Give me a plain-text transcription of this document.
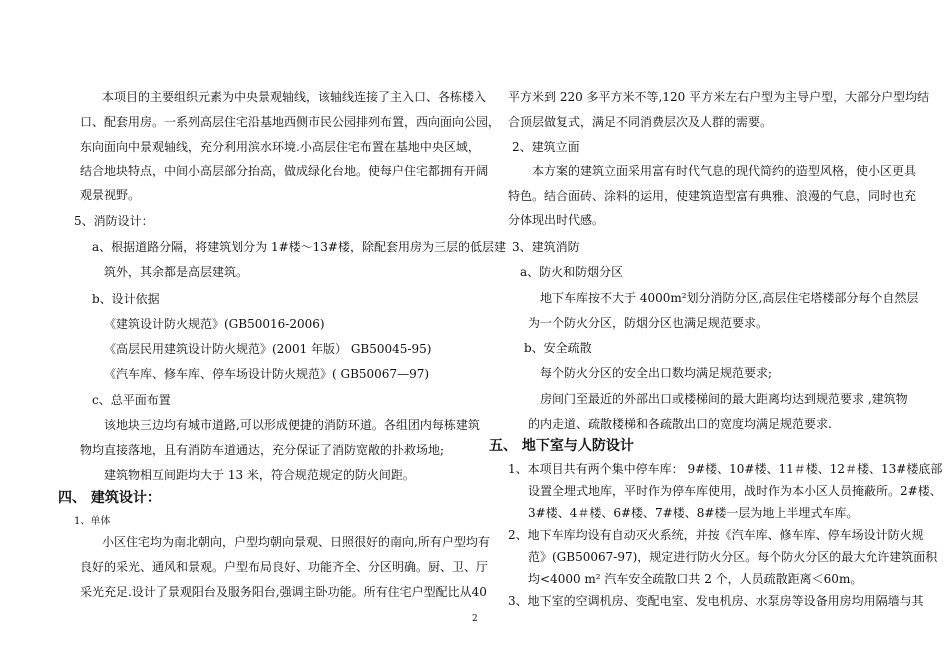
本项目的主要组织元素为中央景观轴线，该轴线连接了主入口、各栋楼入
口、配套用房。一系列高层住宅沿基地西侧市民公园排列布置，西向面向公园，
东向面向中景观轴线，充分利用滨水环境.小高层住宅布置在基地中央区域，
结合地块特点，中间小高层部分抬高，做成绿化台地。使每户住宅都拥有开阔
观景视野。
5、消防设计：
a、根据道路分隔，将建筑划分为 1#楼～13#楼，除配套用房为三层的低层建
筑外，其余都是高层建筑。
b、设计依据
《建筑设计防火规范》(GB50016-2006)
《高层民用建筑设计防火规范》(2001 年版） GB50045-95)
《汽车库、修车库、停车场设计防火规范》( GB50067—97)
c、总平面布置
该地块三边均有城市道路,可以形成便捷的消防环道。各组团内每栋建筑
物均直接落地，且有消防车道通达，充分保证了消防宽敞的扑救场地;
建筑物相互间距均大于 13 米，符合规范规定的防火间距。
四、 建筑设计：
1、单体
小区住宅均为南北朝向，户型均朝向景观、日照很好的南向,所有户型均有
良好的采光、通风和景观。户型布局良好、功能齐全、分区明确。厨、卫、厅
采光充足.设计了景观阳台及服务阳台,强调主卧功能。所有住宅户型配比从40
平方米到 220 多平方米不等,120 平方米左右户型为主导户型，大部分户型均结
合顶层做复式，满足不同消费层次及人群的需要。
2、建筑立面
本方案的建筑立面采用富有时代气息的现代简约的造型风格，使小区更具
特色。结合面砖、涂料的运用，使建筑造型富有典雅、浪漫的气息，同时也充
分体现出时代感。
3、建筑消防
a、防火和防烟分区
地下车库按不大于 4000m²划分消防分区,高层住宅塔楼部分每个自然层
为一个防火分区，防烟分区也满足规范要求。
b、安全疏散
每个防火分区的安全出口数均满足规范要求;
房间门至最近的外部出口或楼梯间的最大距离均达到规范要求 ,建筑物
的内走道、疏散楼梯和各疏散出口的宽度均满足规范要求.
五、 地下室与人防设计
1、本项目共有两个集中停车库： 9#楼、10#楼、11＃楼、12＃楼、13#楼底部
设置全埋式地库，平时作为停车库使用，战时作为本小区人员掩蔽所。2#楼、
3#楼、4＃楼、6#楼、7#楼、8#楼一层为地上半埋式车库。
2、地下车库均设有自动灭火系统，并按《汽车库、修车库、停车场设计防火规
范》(GB50067-97)，规定进行防火分区。每个防火分区的最大允许建筑面积
均<4000 m² 汽车安全疏散口共 2 个，人员疏散距离＜60m。
3、地下室的空调机房、变配电室、发电机房、水泵房等设备用房均用隔墙与其
2
